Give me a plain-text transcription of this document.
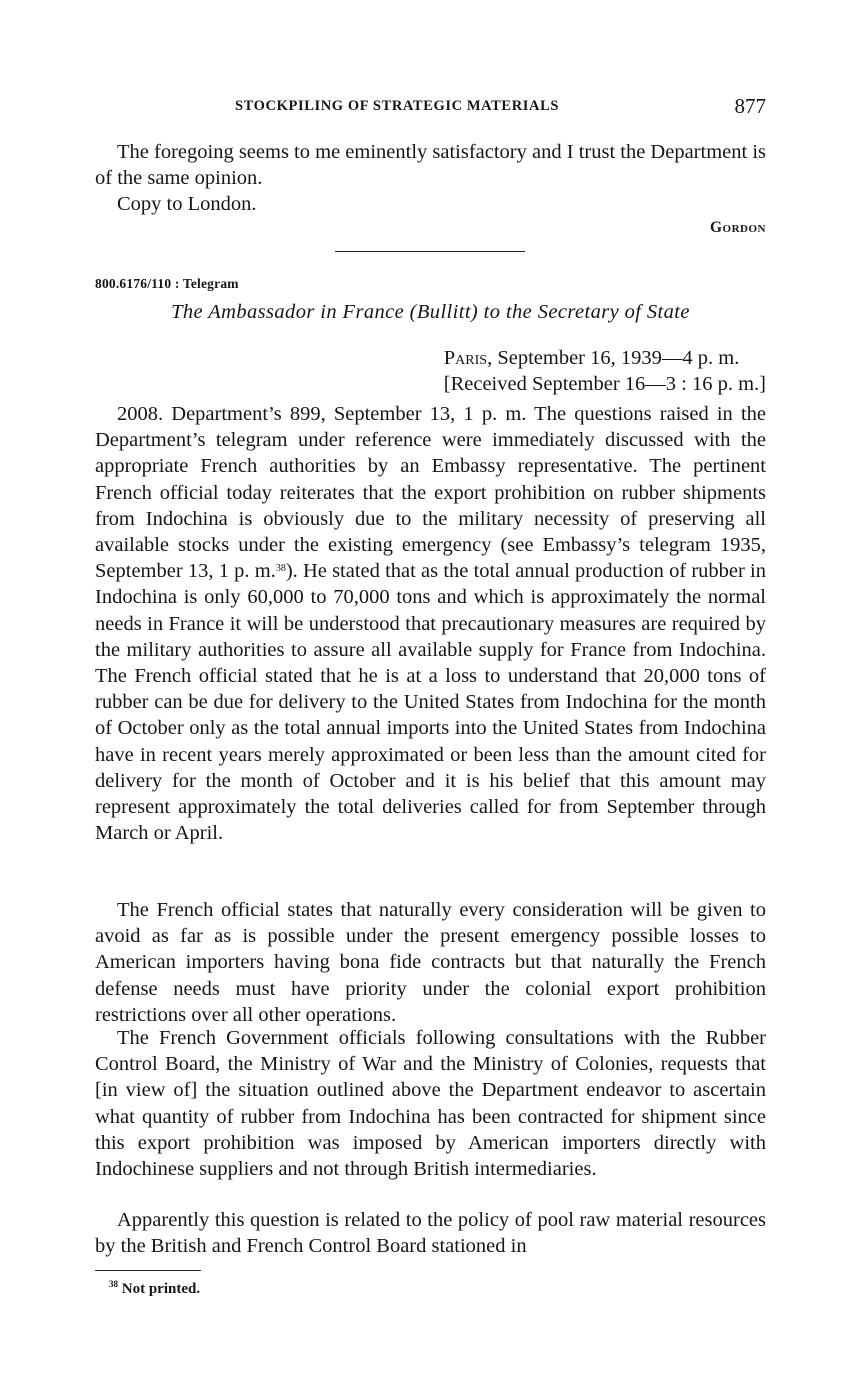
STOCKPILING OF STRATEGIC MATERIALS	877
The foregoing seems to me eminently satisfactory and I trust the Department is of the same opinion.
Copy to London.
Gordon
800.6176/110 : Telegram
The Ambassador in France (Bullitt) to the Secretary of State
Paris, September 16, 1939—4 p. m.
[Received September 16—3 : 16 p. m.]
2008. Department’s 899, September 13, 1 p. m. The questions raised in the Department’s telegram under reference were immediately discussed with the appropriate French authorities by an Embassy representative. The pertinent French official today reiterates that the export prohibition on rubber shipments from Indochina is obviously due to the military necessity of preserving all available stocks under the existing emergency (see Embassy’s telegram 1935, September 13, 1 p. m.$^{38}$). He stated that as the total annual production of rubber in Indochina is only 60,000 to 70,000 tons and which is approximately the normal needs in France it will be understood that precautionary measures are required by the military authorities to assure all available supply for France from Indochina. The French official stated that he is at a loss to understand that 20,000 tons of rubber can be due for delivery to the United States from Indochina for the month of October only as the total annual imports into the United States from Indochina have in recent years merely approximated or been less than the amount cited for delivery for the month of October and it is his belief that this amount may represent approximately the total deliveries called for from September through March or April.
The French official states that naturally every consideration will be given to avoid as far as is possible under the present emergency possible losses to American importers having bona fide contracts but that naturally the French defense needs must have priority under the colonial export prohibition restrictions over all other operations.
The French Government officials following consultations with the Rubber Control Board, the Ministry of War and the Ministry of Colonies, requests that [in view of] the situation outlined above the Department endeavor to ascertain what quantity of rubber from Indochina has been contracted for shipment since this export prohibition was imposed by American importers directly with Indochinese suppliers and not through British intermediaries.
Apparently this question is related to the policy of pool raw material resources by the British and French Control Board stationed in
$^{38}$ Not printed.
